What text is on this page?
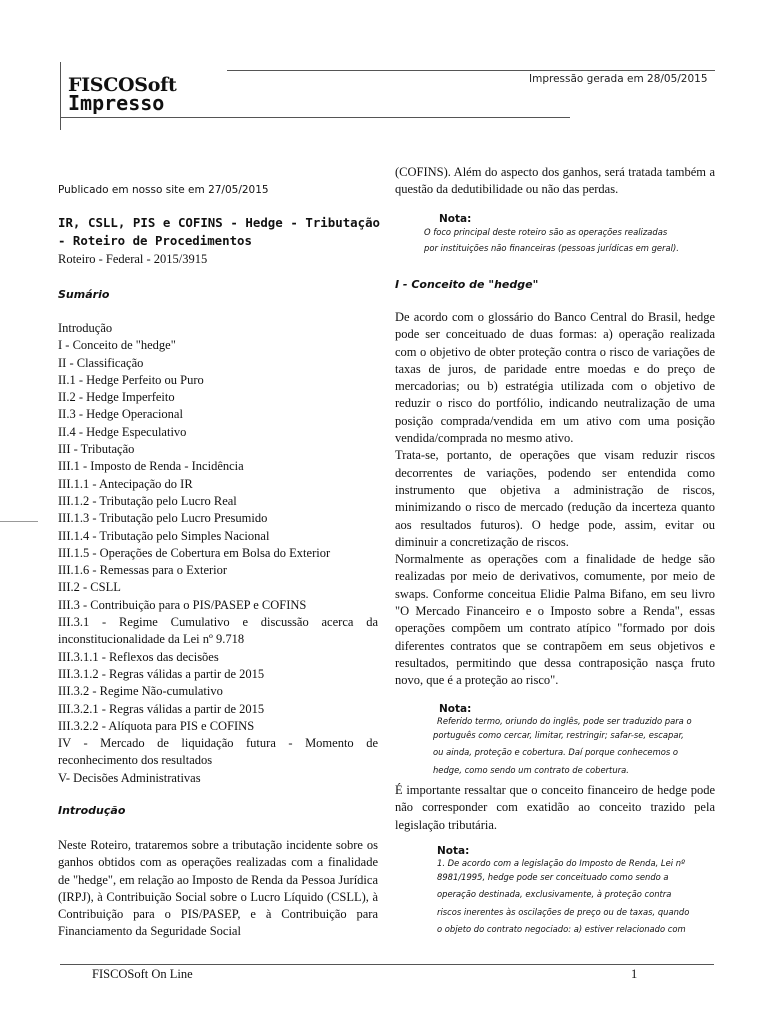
FISCOSoft
Impresso
Impressão gerada em 28/05/2015
Publicado em nosso site em 27/05/2015
IR, CSLL, PIS e COFINS - Hedge - Tributação - Roteiro de Procedimentos
Roteiro - Federal - 2015/3915
Sumário
Introdução
I - Conceito de "hedge"
II - Classificação
II.1 - Hedge Perfeito ou Puro
II.2 - Hedge Imperfeito
II.3 - Hedge Operacional
II.4 - Hedge Especulativo
III - Tributação
III.1 - Imposto de Renda - Incidência
III.1.1 - Antecipação do IR
III.1.2 - Tributação pelo Lucro Real
III.1.3 - Tributação pelo Lucro Presumido
III.1.4 - Tributação pelo Simples Nacional
III.1.5 - Operações de Cobertura em Bolsa do Exterior
III.1.6 - Remessas para o Exterior
III.2 - CSLL
III.3 - Contribuição para o PIS/PASEP e COFINS
III.3.1 - Regime Cumulativo e discussão acerca da inconstitucionalidade da Lei nº 9.718
III.3.1.1 - Reflexos das decisões
III.3.1.2 - Regras válidas a partir de 2015
III.3.2 - Regime Não-cumulativo
III.3.2.1 - Regras válidas a partir de 2015
III.3.2.2 - Alíquota para PIS e COFINS
IV - Mercado de liquidação futura - Momento de reconhecimento dos resultados
V- Decisões Administrativas
Introdução

Neste Roteiro, trataremos sobre a tributação incidente sobre os ganhos obtidos com as operações realizadas com a finalidade de "hedge", em relação ao Imposto de Renda da Pessoa Jurídica (IRPJ), à Contribuição Social sobre o Lucro Líquido (CSLL), à Contribuição para o PIS/PASEP, e à Contribuição para Financiamento da Seguridade Social

(COFINS). Além do aspecto dos ganhos, será tratada também a questão da dedutibilidade ou não das perdas.

Nota:
O foco principal deste roteiro são as operações realizadas
por instituições não financeiras (pessoas jurídicas em geral).
I - Conceito de "hedge"

De acordo com o glossário do Banco Central do Brasil, hedge pode ser conceituado de duas formas: a) operação realizada com o objetivo de obter proteção contra o risco de variações de taxas de juros, de paridade entre moedas e do preço de mercadorias; ou b) estratégia utilizada com o objetivo de reduzir o risco do portfólio, indicando neutralização de uma posição comprada/vendida em um ativo com uma posição vendida/comprada no mesmo ativo.

Trata-se, portanto, de operações que visam reduzir riscos decorrentes de variações, podendo ser entendida como instrumento que objetiva a administração de riscos, minimizando o risco de mercado (redução da incerteza quanto aos resultados futuros). O hedge pode, assim, evitar ou diminuir a concretização de riscos.

Normalmente as operações com a finalidade de hedge são realizadas por meio de derivativos, comumente, por meio de swaps. Conforme conceitua Elidie Palma Bifano, em seu livro "O Mercado Financeiro e o Imposto sobre a Renda", essas operações compõem um contrato atípico "formado por dois diferentes contratos que se contrapõem em seus objetivos e resultados, permitindo que dessa contraposição nasça fruto novo, que é a proteção ao risco".

Nota:
Referido termo, oriundo do inglês, pode ser traduzido para o
português como cercar, limitar, restringir; safar-se, escapar,
ou ainda, proteção e cobertura. Daí porque conhecemos o
hedge, como sendo um contrato de cobertura.

É importante ressaltar que o conceito financeiro de hedge pode não corresponder com exatidão ao conceito trazido pela legislação tributária.

Nota:
1. De acordo com a legislação do Imposto de Renda, Lei nº
8981/1995, hedge pode ser conceituado como sendo a
operação destinada, exclusivamente, à proteção contra
riscos inerentes às oscilações de preço ou de taxas, quando
o objeto do contrato negociado: a) estiver relacionado com
FISCOSoft On Line	1
